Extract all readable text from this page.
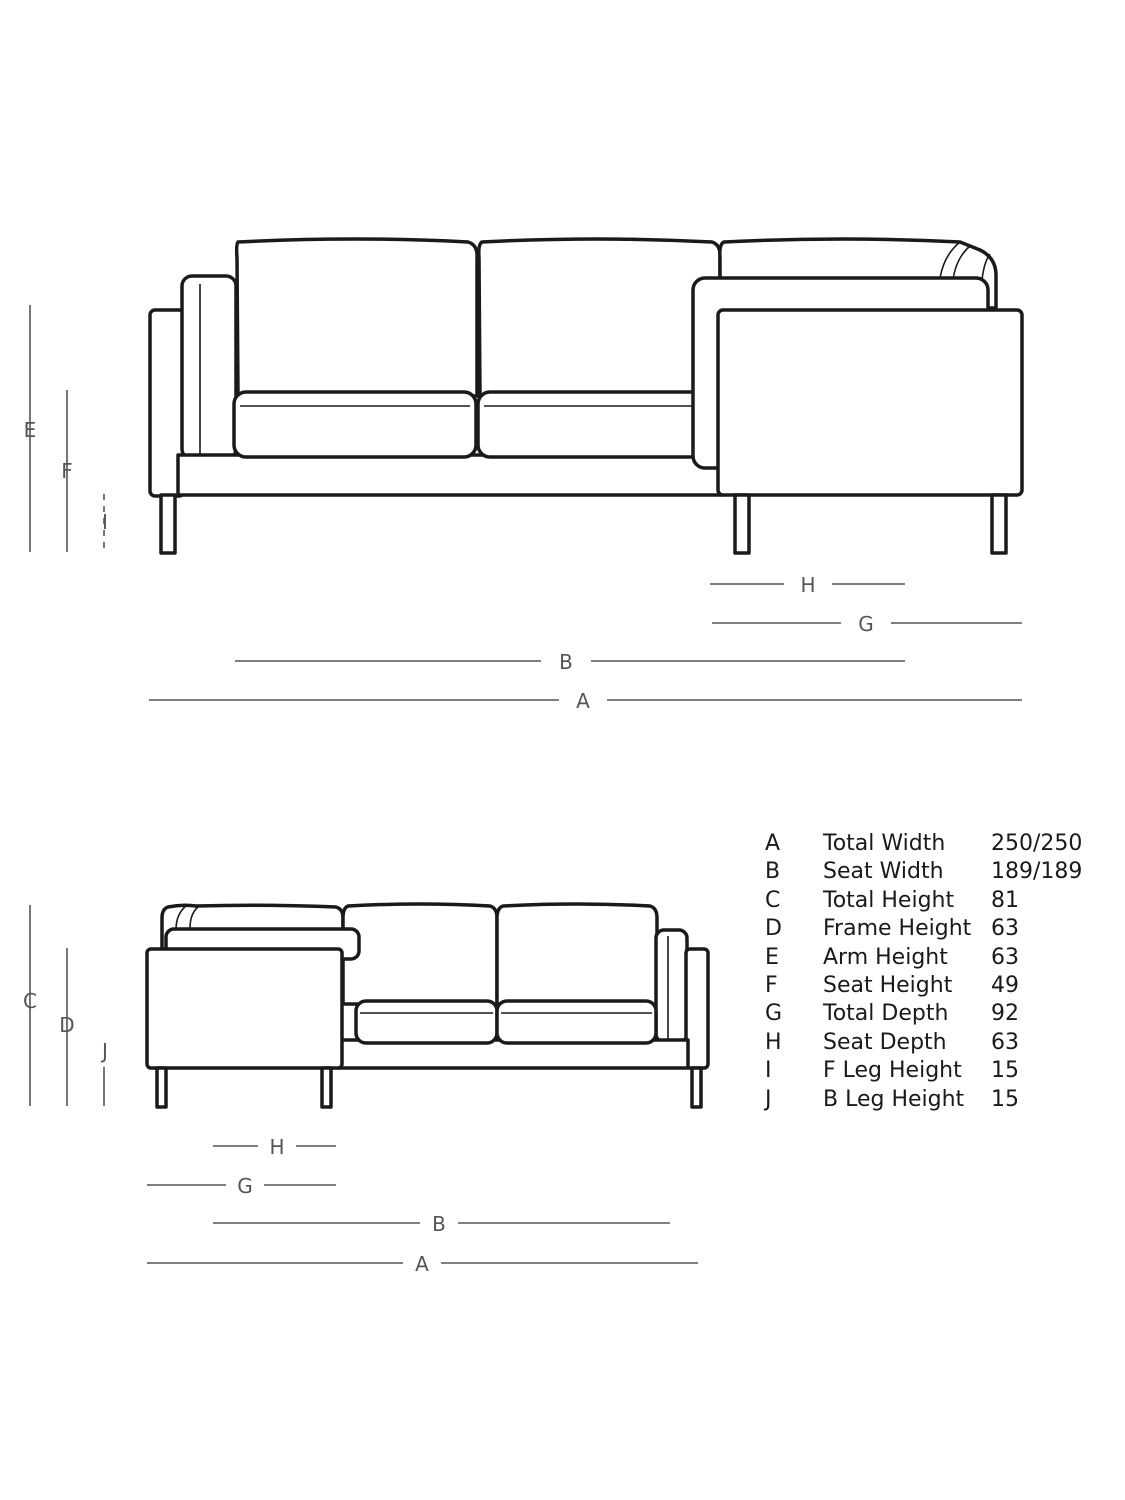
E
F
I
H
G
B
A
C
D
J
H
G
B
A
A	Total Width	250/250
B	Seat Width	189/189
C	Total Height	81
D	Frame Height 63
E	Arm Height	63
F	Seat Height	49
G	Total Depth	92
H	Seat Depth	63
I	F Leg Height	15
J	B Leg Height	15
